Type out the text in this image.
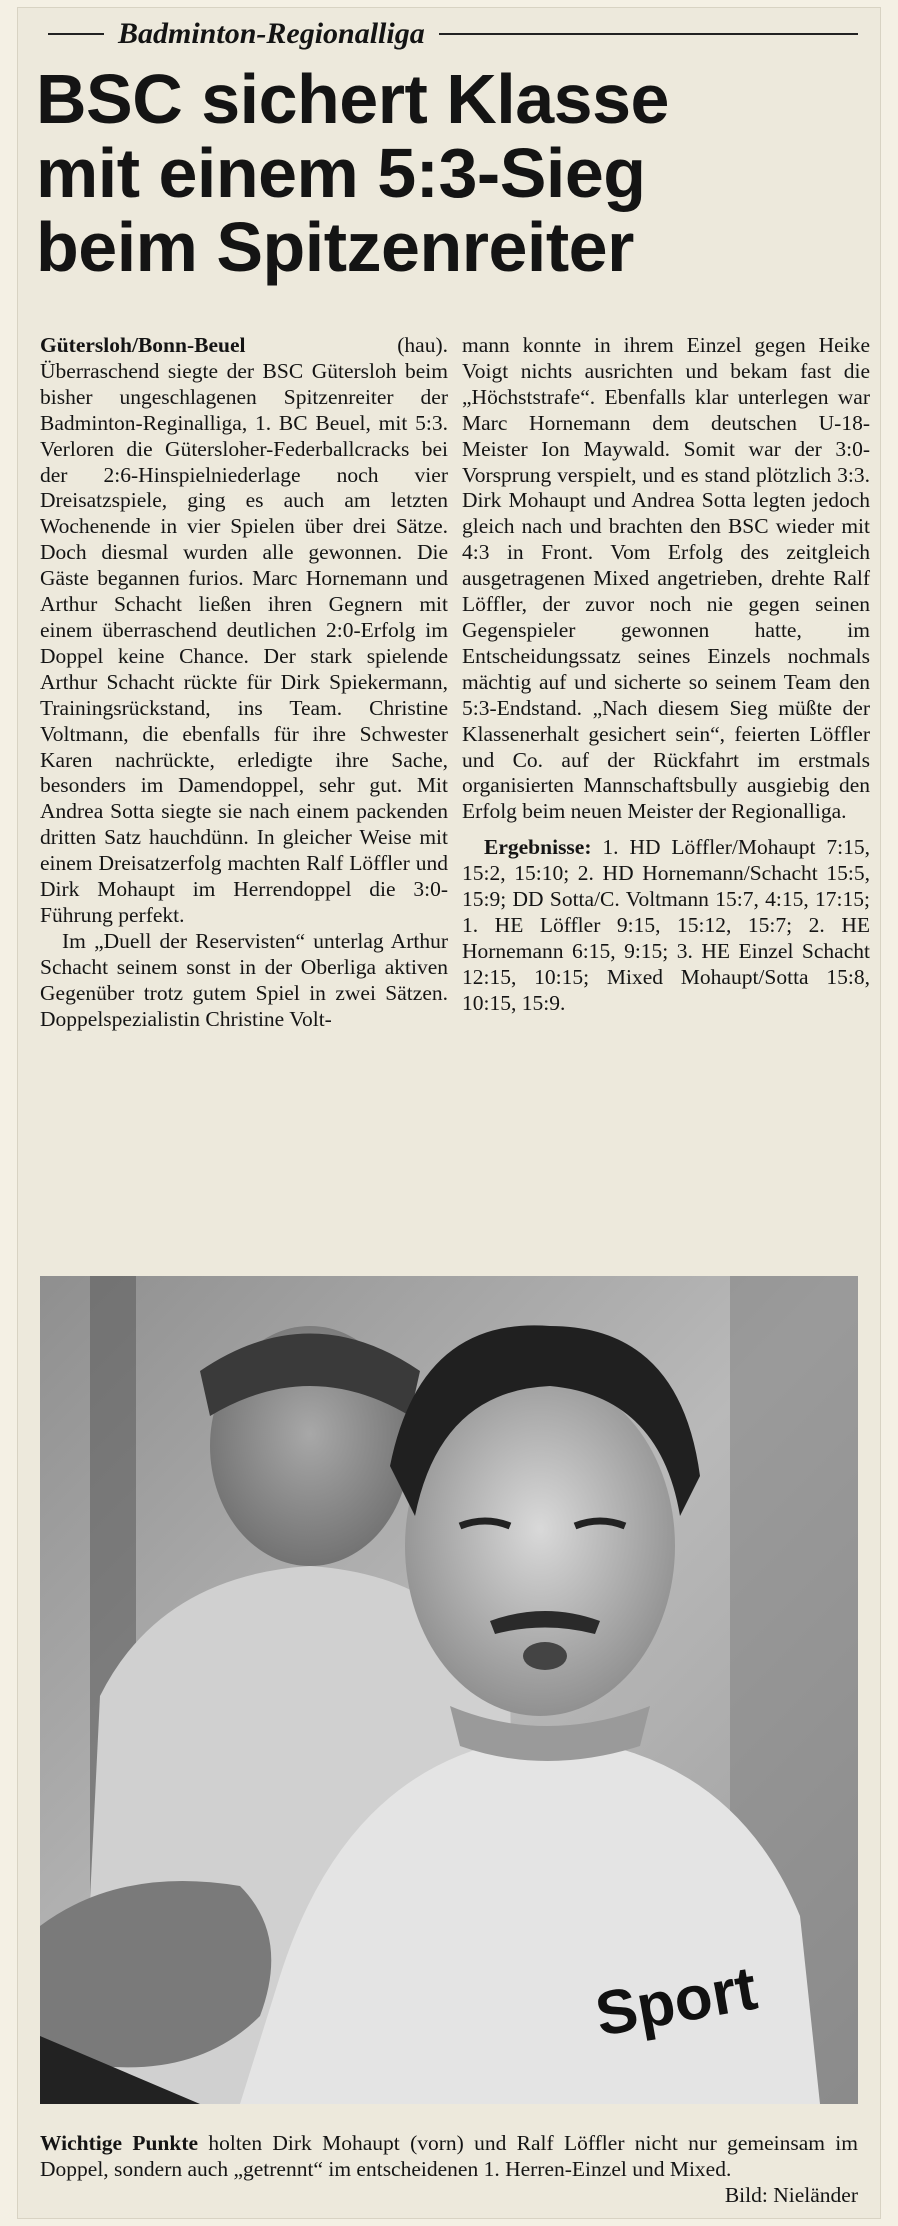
Badminton-Regionalliga
BSC sichert Klasse
mit einem 5:3-Sieg
beim Spitzenreiter
Gütersloh/Bonn-Beuel	(hau).

Überraschend siegte der BSC Gütersloh beim bisher ungeschlagenen Spitzenreiter der Badminton-Reginalliga, 1. BC Beuel, mit 5:3. Verloren die Gütersloher-Federballcracks bei der 2:6-Hinspielniederlage noch vier Dreisatzspiele, ging es auch am letzten Wochenende in vier Spielen über drei Sätze. Doch diesmal wurden alle gewonnen. Die Gäste begannen furios. Marc Hornemann und Arthur Schacht ließen ihren Gegnern mit einem überraschend deutlichen 2:0-Erfolg im Doppel keine Chance. Der stark spielende Arthur Schacht rückte für Dirk Spiekermann, Trainingsrückstand, ins Team. Christine Voltmann, die ebenfalls für ihre Schwester Karen nachrückte, erledigte ihre Sache, besonders im Damendoppel, sehr gut. Mit Andrea Sotta siegte sie nach einem packenden dritten Satz hauchdünn. In gleicher Weise mit einem Dreisatzerfolg machten Ralf Löffler und Dirk Mohaupt im Herrendoppel die 3:0-Führung perfekt.

Im „Duell der Reservisten“ unterlag Arthur Schacht seinem sonst in der Oberliga aktiven Gegenüber trotz gutem Spiel in zwei Sätzen. Doppelspezialistin Christine Volt-

mann konnte in ihrem Einzel gegen Heike Voigt nichts ausrichten und bekam fast die „Höchststrafe“. Ebenfalls klar unterlegen war Marc Hornemann dem deutschen U-18-Meister Ion Maywald. Somit war der 3:0-Vorsprung verspielt, und es stand plötzlich 3:3. Dirk Mohaupt und Andrea Sotta legten jedoch gleich nach und brachten den BSC wieder mit 4:3 in Front. Vom Erfolg des zeitgleich ausgetragenen Mixed angetrieben, drehte Ralf Löffler, der zuvor noch nie gegen seinen Gegenspieler gewonnen hatte, im Entscheidungssatz seines Einzels nochmals mächtig auf und sicherte so seinem Team den 5:3-Endstand. „Nach diesem Sieg müßte der Klassenerhalt gesichert sein“, feierten Löffler und Co. auf der Rückfahrt im erstmals organisierten Mannschaftsbully ausgiebig den Erfolg beim neuen Meister der Regionalliga.

Ergebnisse: 1. HD Löffler/Mohaupt 7:15, 15:2, 15:10; 2. HD Hornemann/Schacht 15:5, 15:9; DD Sotta/C. Voltmann 15:7, 4:15, 17:15; 1. HE Löffler 9:15, 15:12, 15:7; 2. HE Hornemann 6:15, 9:15; 3. HE Einzel Schacht 12:15, 10:15; Mixed Mohaupt/Sotta 15:8, 10:15, 15:9.

Sport
Wichtige Punkte holten Dirk Mohaupt (vorn) und Ralf Löffler nicht nur gemeinsam im Doppel, sondern auch „getrennt“ im entscheidenen 1. Herren-Einzel und Mixed.
Bild: Nieländer
